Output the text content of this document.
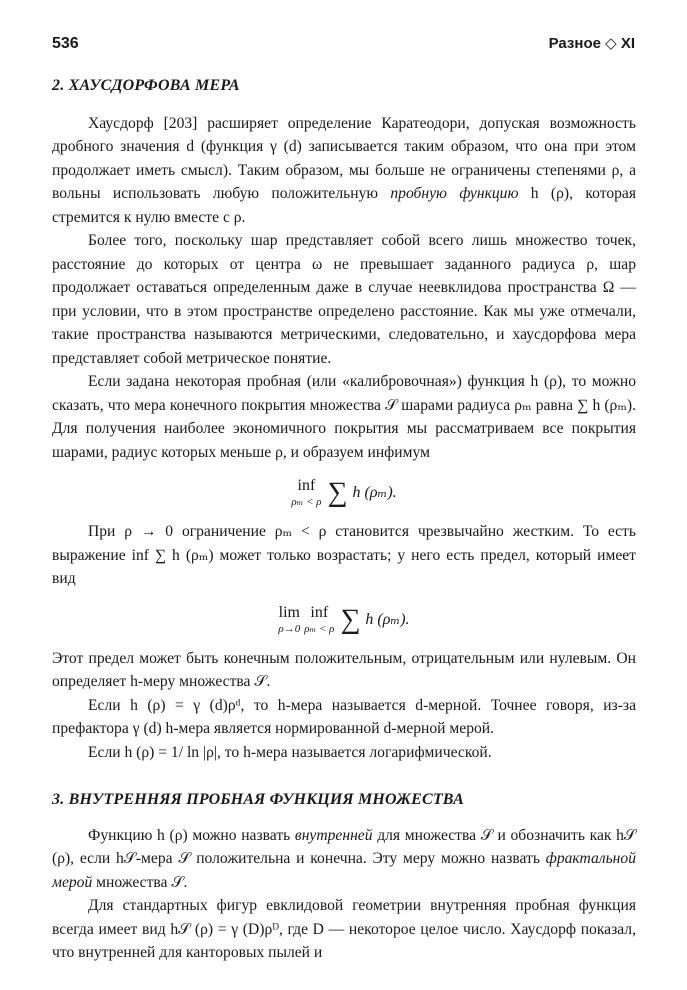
536	Разное ◇ XI
2. ХАУСДОРФОВА МЕРА

Хаусдорф [203] расширяет определение Каратеодори, допуская возможность дробного значения d (функция γ (d) записывается таким образом, что она при этом продолжает иметь смысл). Таким образом, мы больше не ограничены степенями ρ, а вольны использовать любую положительную пробную функцию h (ρ), которая стремится к нулю вместе с ρ.

Более того, поскольку шар представляет собой всего лишь множество точек, расстояние до которых от центра ω не превышает заданного радиуса ρ, шар продолжает оставаться определенным даже в случае неевклидова пространства Ω — при условии, что в этом пространстве определено расстояние. Как мы уже отмечали, такие пространства называются метрическими, следовательно, и хаусдорфова мера представляет собой метрическое понятие.

Если задана некоторая пробная (или «калибровочная») функция h (ρ), то можно сказать, что мера конечного покрытия множества 𝒮 шарами радиуса ρₘ равна ∑ h (ρₘ). Для получения наиболее экономичного покрытия мы рассматриваем все покрытия шарами, радиус которых меньше ρ, и образуем инфимум

inf
ρₘ < ρ ∑ h (ρₘ).

При ρ → 0 ограничение ρₘ < ρ становится чрезвычайно жестким. То есть выражение inf ∑ h (ρₘ) может только возрастать; у него есть предел, который имеет вид

lim
ρ→0
inf
ρₘ < ρ ∑ h (ρₘ).

Этот предел может быть конечным положительным, отрицательным или нулевым. Он определяет h-меру множества 𝒮.

Если h (ρ) = γ (d)ρᵈ, то h-мера называется d-мерной. Точнее говоря, из-за префактора γ (d) h-мера является нормированной d-мерной мерой.

Если h (ρ) = 1/ ln |ρ|, то h-мера называется логарифмической.

3. ВНУТРЕННЯЯ ПРОБНАЯ ФУНКЦИЯ МНОЖЕСТВА

Функцию h (ρ) можно назвать внутренней для множества 𝒮 и обозначить как h𝒮 (ρ), если h𝒮-мера 𝒮 положительна и конечна. Эту меру можно назвать фрактальной мерой множества 𝒮.

Для стандартных фигур евклидовой геометрии внутренняя пробная функция всегда имеет вид h𝒮 (ρ) = γ (D)ρᴰ, где D — некоторое целое число. Хаусдорф показал, что внутренней для канторовых пылей и
